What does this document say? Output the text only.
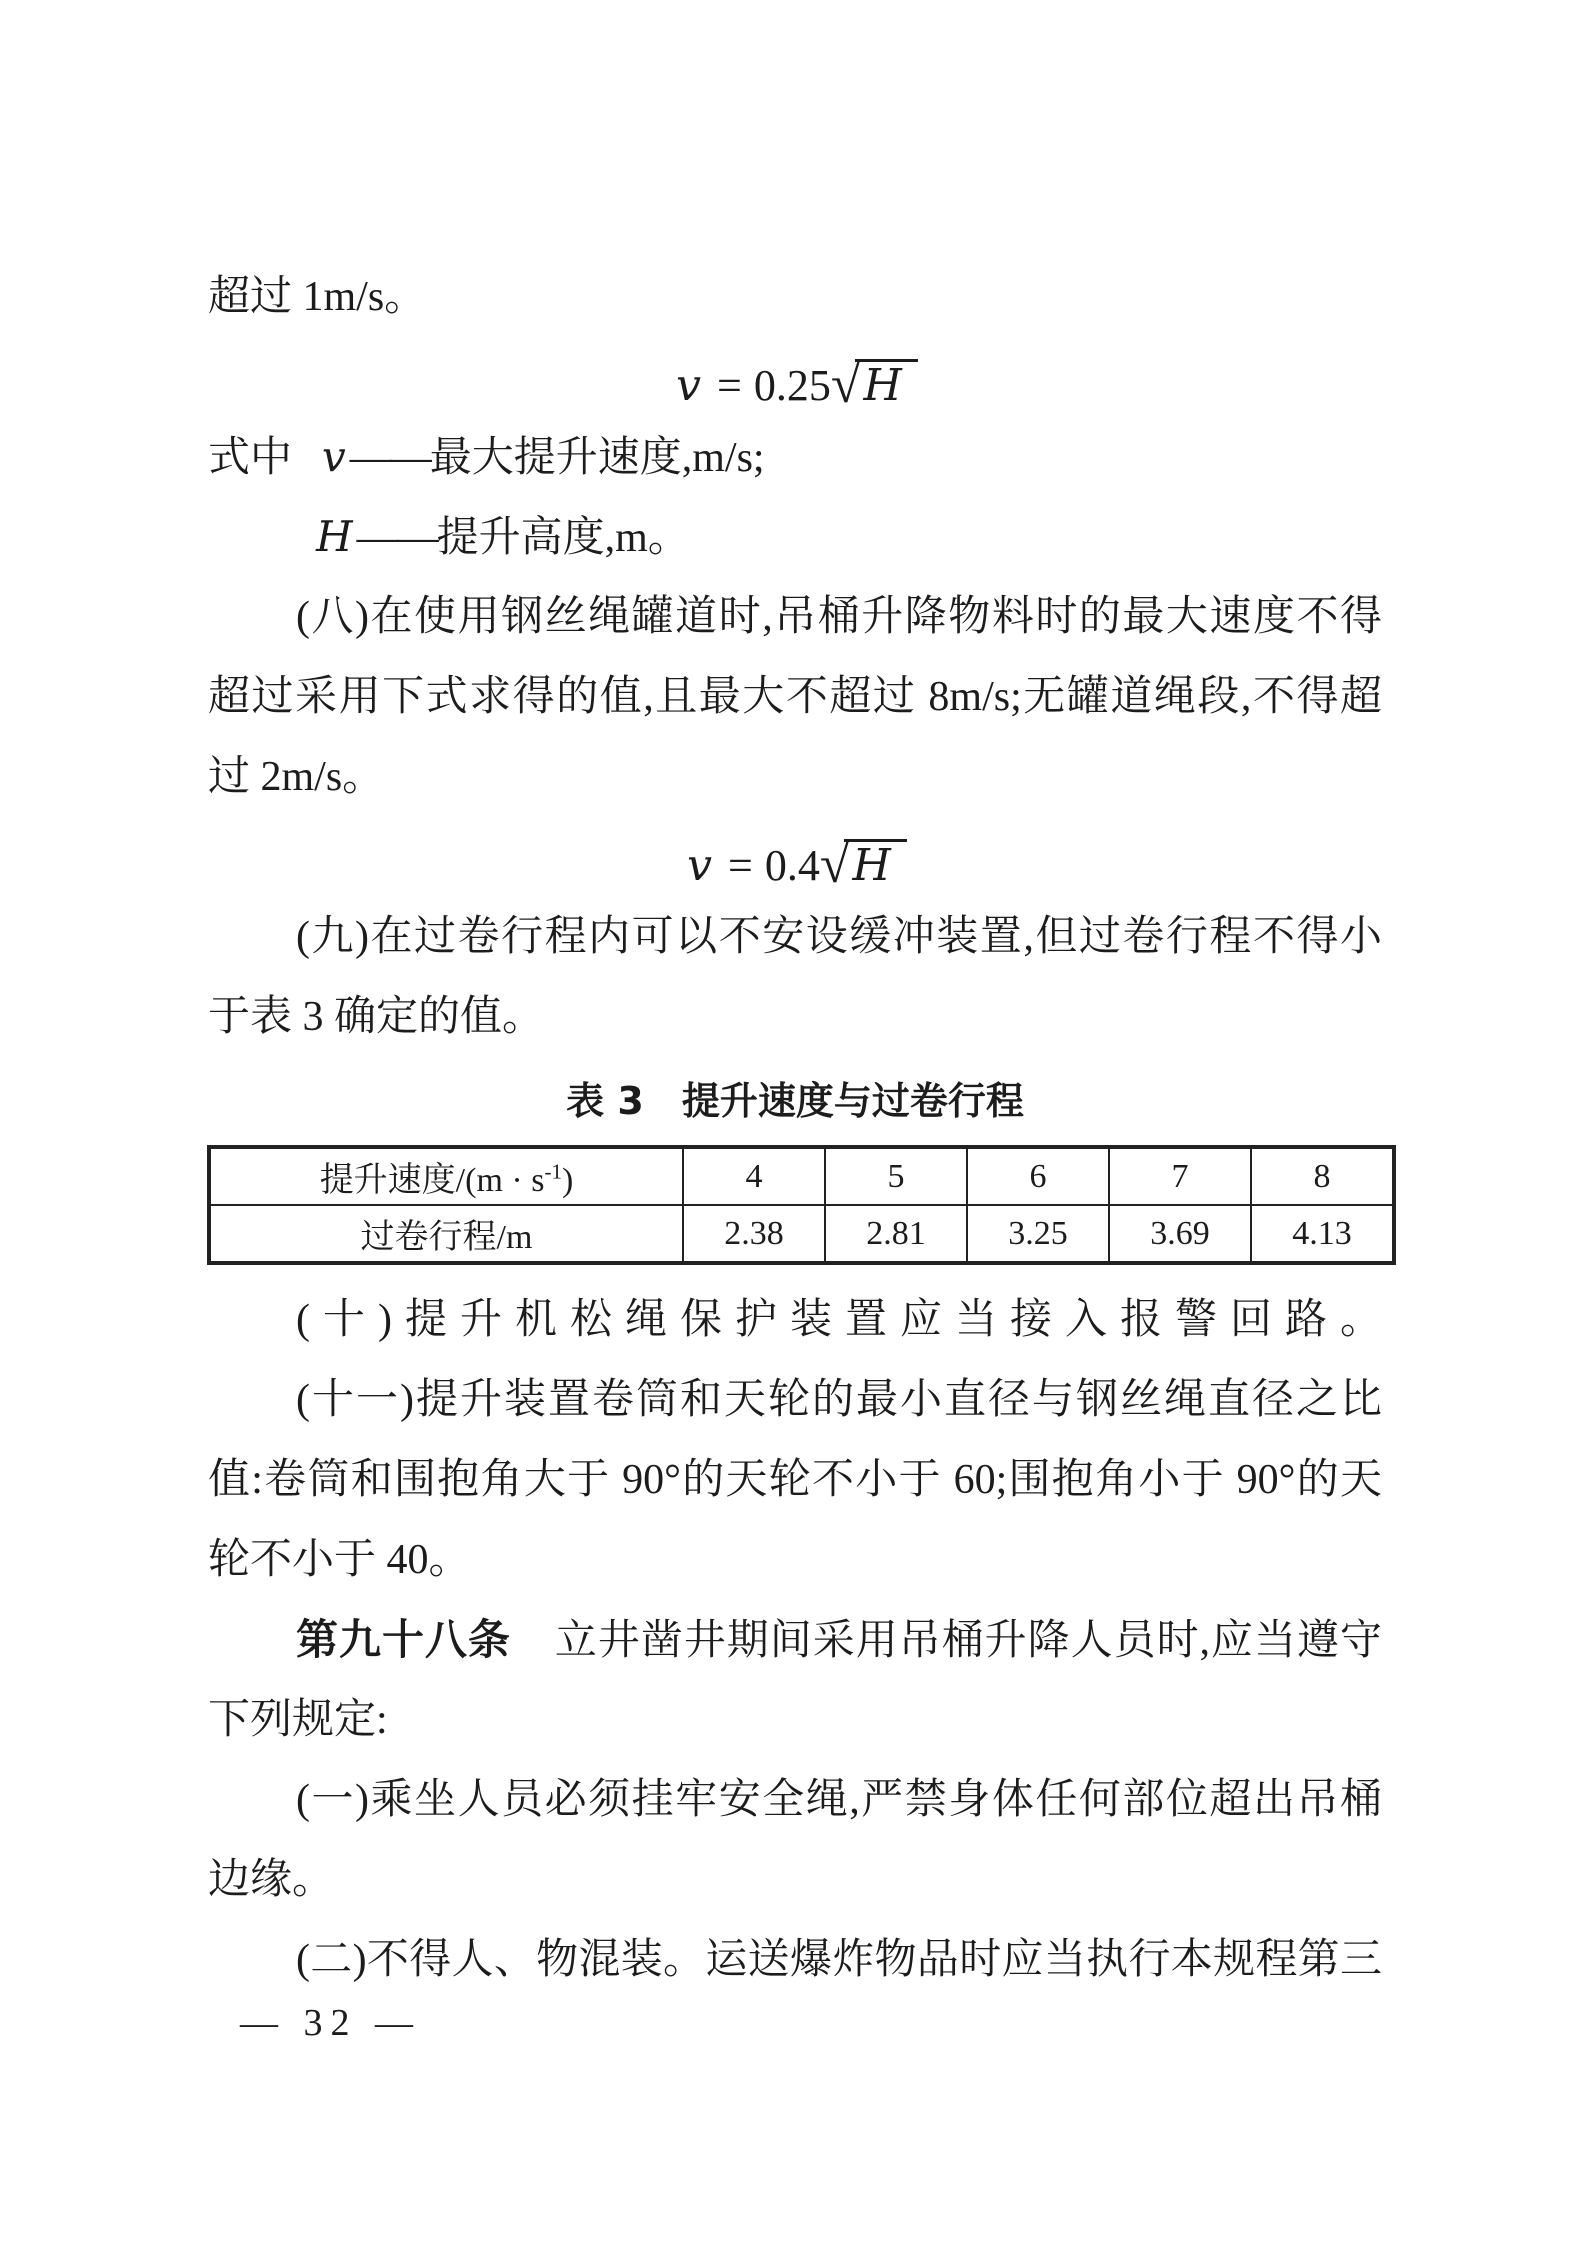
超过 1m/s。
v = 0.25√H
式中 v——最大提升速度,m/s;
H——提升高度,m。
(八)在使用钢丝绳罐道时,吊桶升降物料时的最大速度不得
超过采用下式求得的值,且最大不超过 8m/s;无罐道绳段,不得超
过 2m/s。
v = 0.4√H
(九)在过卷行程内可以不安设缓冲装置,但过卷行程不得小
于表 3 确定的值。
表 3　提升速度与过卷行程
提升速度$/(m \cdot s^{-1})$	4	5	6	7	8
过卷行程/m	2.38	2.81	3.25	3.69	4.13
(十)提升机松绳保护装置应当接入报警回路。
(十一)提升装置卷筒和天轮的最小直径与钢丝绳直径之比
值:卷筒和围抱角大于 90°的天轮不小于 60;围抱角小于 90°的天
轮不小于 40。
第九十八条 立井凿井期间采用吊桶升降人员时,应当遵守
下列规定:
(一)乘坐人员必须挂牢安全绳,严禁身体任何部位超出吊桶
边缘。
(二)不得人、物混装。运送爆炸物品时应当执行本规程第三
— 32 —
